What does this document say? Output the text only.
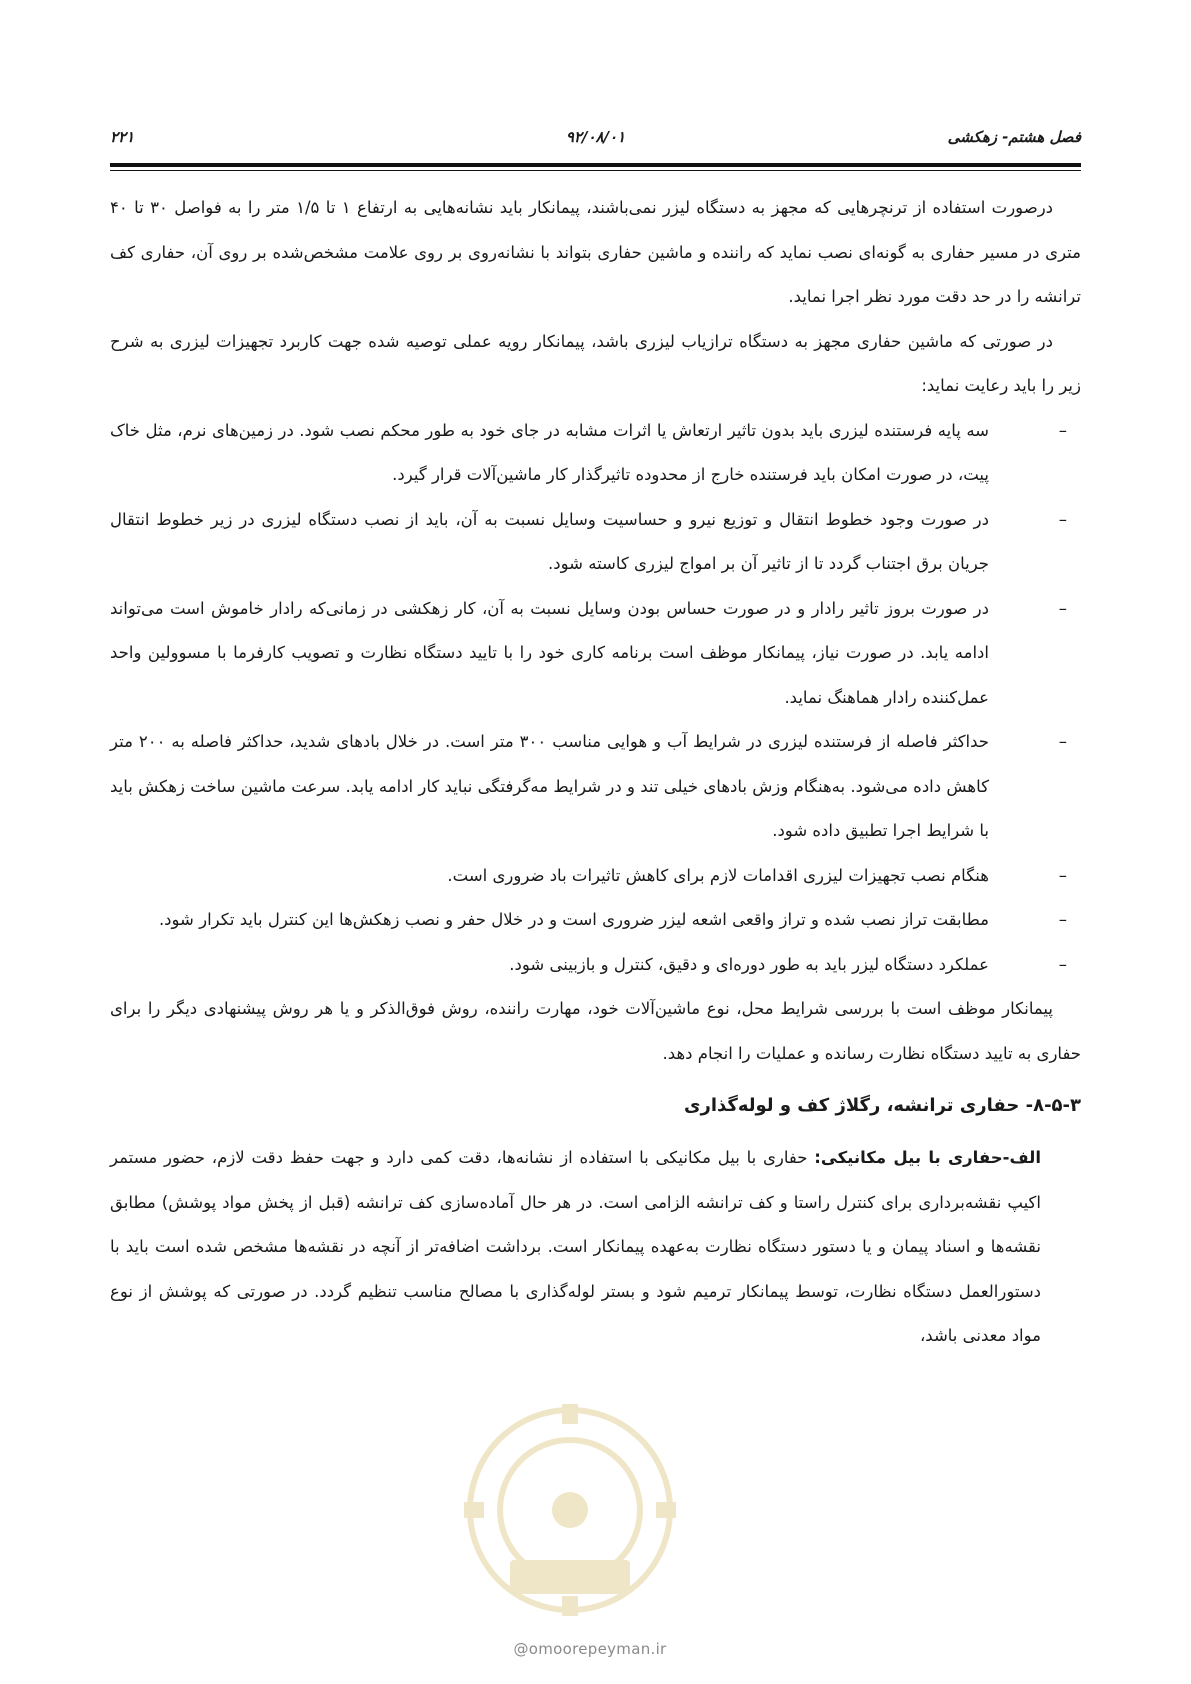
فصل هشتم- زهکشی
۹۲/۰۸/۰۱
۲۲۱

درصورت استفاده از ترنچرهایی که مجهز به دستگاه لیزر نمی‌باشند، پیمانکار باید نشانه‌هایی به ارتفاع ۱ تا ۱/۵ متر را به فواصل ۳۰ تا ۴۰ متری در مسیر حفاری به گونه‌ای نصب نماید که راننده و ماشین حفاری بتواند با نشانه‌روی بر روی علامت مشخص‌شده بر روی آن، حفاری کف ترانشه را در حد دقت مورد نظر اجرا نماید.

در صورتی که ماشین حفاری مجهز به دستگاه ترازیاب لیزری باشد، پیمانکار رویه عملی توصیه شده جهت کاربرد تجهیزات لیزری به شرح زیر را باید رعایت نماید:

–
سه پایه فرستنده لیزری باید بدون تاثیر ارتعاش یا اثرات مشابه در جای خود به طور محکم نصب شود. در زمین‌های نرم، مثل خاک پیت، در صورت امکان باید فرستنده خارج از محدوده تاثیرگذار کار ماشین‌آلات قرار گیرد.
–
در صورت وجود خطوط انتقال و توزیع نیرو و حساسیت وسایل نسبت به آن، باید از نصب دستگاه لیزری در زیر خطوط انتقال جریان برق اجتناب گردد تا از تاثیر آن بر امواج لیزری کاسته شود.
–
در صورت بروز تاثیر رادار و در صورت حساس بودن وسایل نسبت به آن، کار زهکشی در زمانی‌که رادار خاموش است می‌تواند ادامه یابد. در صورت نیاز، پیمانکار موظف است برنامه کاری خود را با تایید دستگاه نظارت و تصویب کارفرما با مسوولین واحد عمل‌کننده رادار هماهنگ نماید.
–
حداکثر فاصله از فرستنده لیزری در شرایط آب و هوایی مناسب ۳۰۰ متر است. در خلال بادهای شدید، حداکثر فاصله به ۲۰۰ متر کاهش داده می‌شود. به‌هنگام وزش بادهای خیلی تند و در شرایط مه‌گرفتگی نباید کار ادامه یابد. سرعت ماشین ساخت زهکش باید با شرایط اجرا تطبیق داده شود.
–
هنگام نصب تجهیزات لیزری اقدامات لازم برای کاهش تاثیرات باد ضروری است.
–
مطابقت تراز نصب شده و تراز واقعی اشعه لیزر ضروری است و در خلال حفر و نصب زهکش‌ها این کنترل باید تکرار شود.
–
عملکرد دستگاه لیزر باید به طور دوره‌ای و دقیق، کنترل و بازبینی شود.

پیمانکار موظف است با بررسی شرایط محل، نوع ماشین‌آلات خود، مهارت راننده، روش فوق‌الذکر و یا هر روش پیشنهادی دیگر را برای حفاری به تایید دستگاه نظارت رسانده و عملیات را انجام دهد.

۸-۵-۳- حفاری ترانشه، رگلاژ کف و لوله‌گذاری

الف-حفاری با بیل مکانیکی: حفاری با بیل مکانیکی با استفاده از نشانه‌ها، دقت کمی دارد و جهت حفظ دقت لازم، حضور مستمر اکیپ نقشه‌برداری برای کنترل راستا و کف ترانشه الزامی است. در هر حال آماده‌سازی کف ترانشه (قبل از پخش مواد پوشش) مطابق نقشه‌ها و اسناد پیمان و یا دستور دستگاه نظارت به‌عهده پیمانکار است. برداشت اضافه‌تر از آنچه در نقشه‌ها مشخص شده است باید با دستورالعمل دستگاه نظارت، توسط پیمانکار ترمیم شود و بستر لوله‌گذاری با مصالح مناسب تنظیم گردد. در صورتی که پوشش از نوع مواد معدنی باشد،

@omoorepeyman.ir
